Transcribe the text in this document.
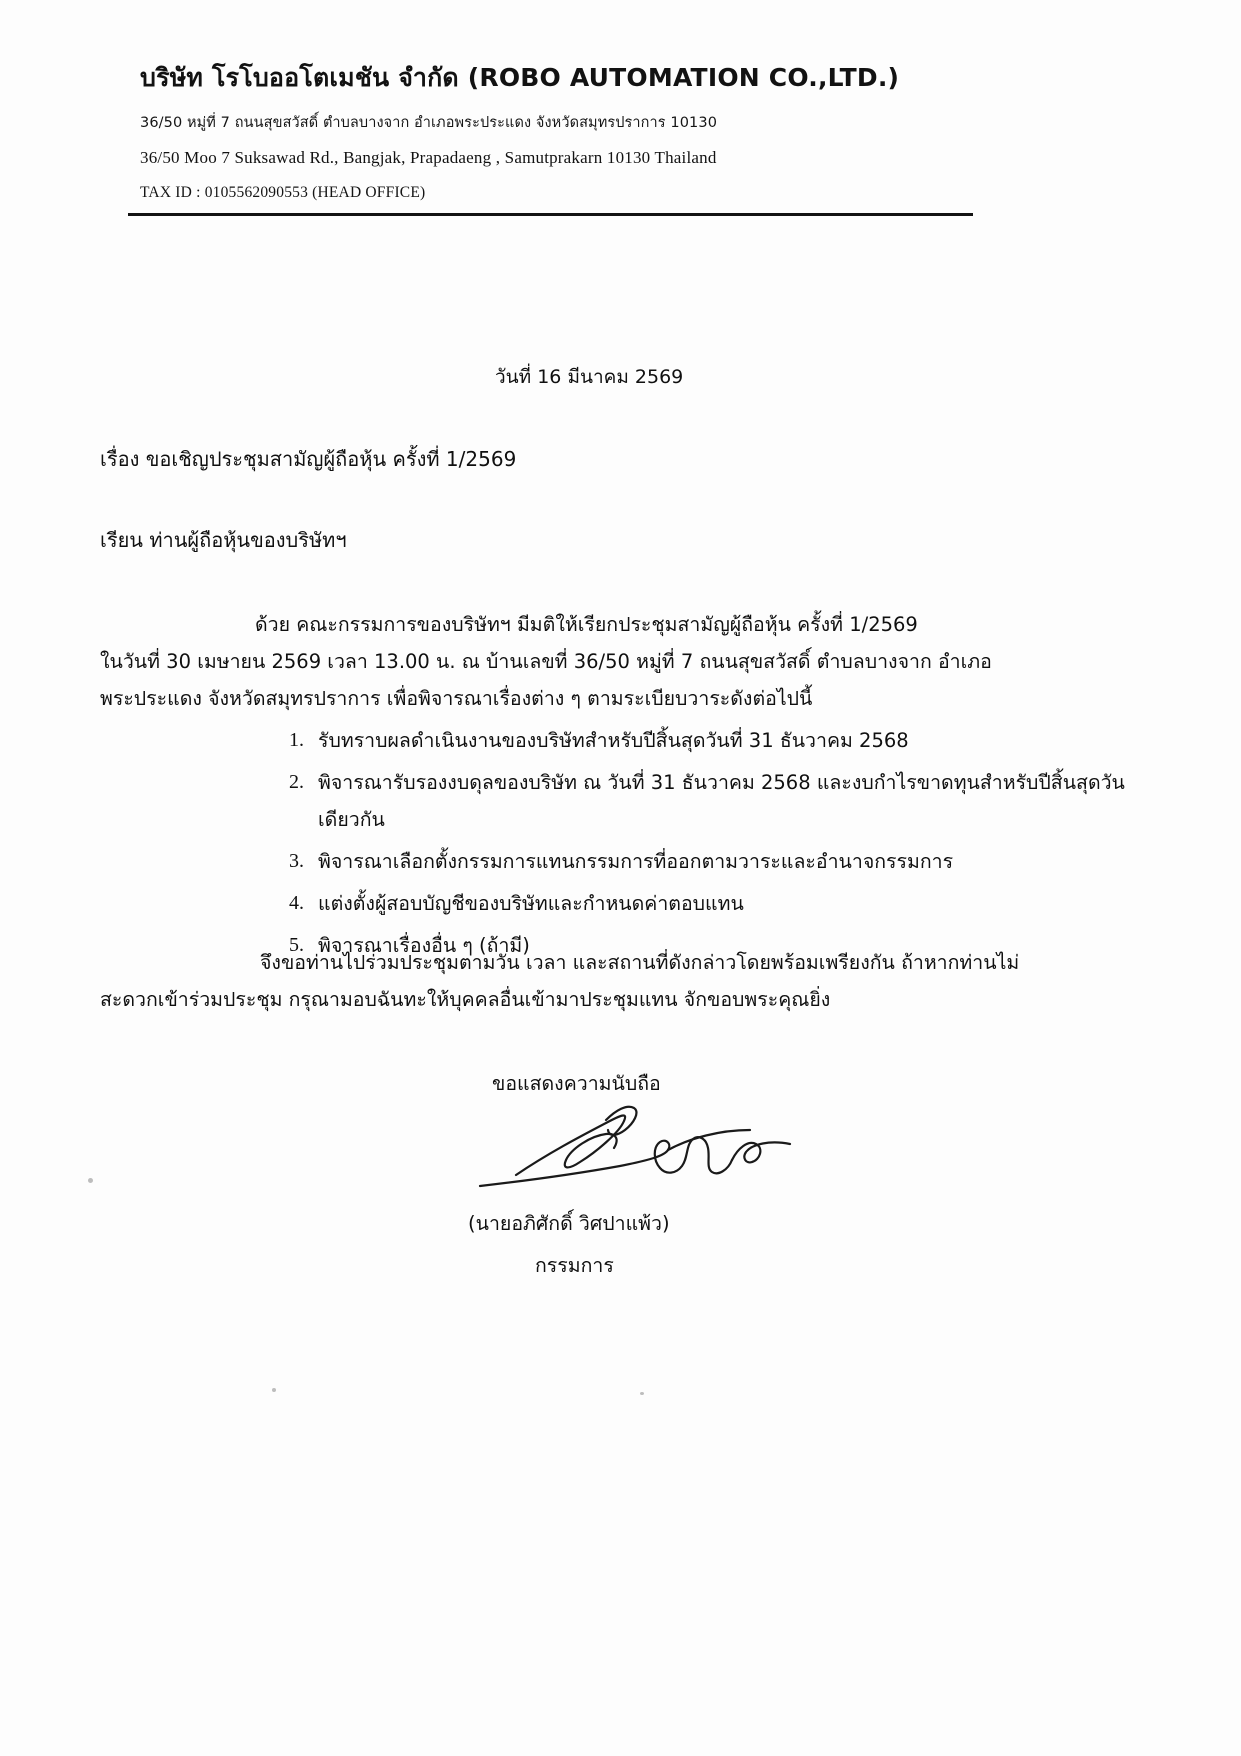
บริษัท โรโบออโตเมชัน จำกัด (ROBO AUTOMATION CO.,LTD.)
36/50 หมู่ที่ 7 ถนนสุขสวัสดิ์ ตำบลบางจาก อำเภอพระประแดง จังหวัดสมุทรปราการ 10130
36/50 Moo 7 Suksawad Rd., Bangjak, Prapadaeng , Samutprakarn 10130 Thailand
TAX ID : 0105562090553 (HEAD OFFICE)
วันที่ 16 มีนาคม 2569
เรื่อง ขอเชิญประชุมสามัญผู้ถือหุ้น ครั้งที่ 1/2569
เรียน ท่านผู้ถือหุ้นของบริษัทฯ
ด้วย คณะกรรมการของบริษัทฯ มีมติให้เรียกประชุมสามัญผู้ถือหุ้น ครั้งที่ 1/2569
ในวันที่ 30 เมษายน 2569 เวลา 13.00 น. ณ บ้านเลขที่ 36/50 หมู่ที่ 7 ถนนสุขสวัสดิ์ ตำบลบางจาก อำเภอ
พระประแดง จังหวัดสมุทรปราการ เพื่อพิจารณาเรื่องต่าง ๆ ตามระเบียบวาระดังต่อไปนี้
1. รับทราบผลดำเนินงานของบริษัทสำหรับปีสิ้นสุดวันที่ 31 ธันวาคม 2568
2. พิจารณารับรองงบดุลของบริษัท ณ วันที่ 31 ธันวาคม 2568 และงบกำไรขาดทุนสำหรับปีสิ้นสุดวันเดียวกัน
3. พิจารณาเลือกตั้งกรรมการแทนกรรมการที่ออกตามวาระและอำนาจกรรมการ
4. แต่งตั้งผู้สอบบัญชีของบริษัทและกำหนดค่าตอบแทน
5. พิจารณาเรื่องอื่น ๆ (ถ้ามี)
จึงขอท่านไปร่วมประชุมตามวัน เวลา และสถานที่ดังกล่าวโดยพร้อมเพรียงกัน ถ้าหากท่านไม่
สะดวกเข้าร่วมประชุม กรุณามอบฉันทะให้บุคคลอื่นเข้ามาประชุมแทน จักขอบพระคุณยิ่ง
ขอแสดงความนับถือ
(นายอภิศักดิ์ วิศปาแพ้ว)
กรรมการ
